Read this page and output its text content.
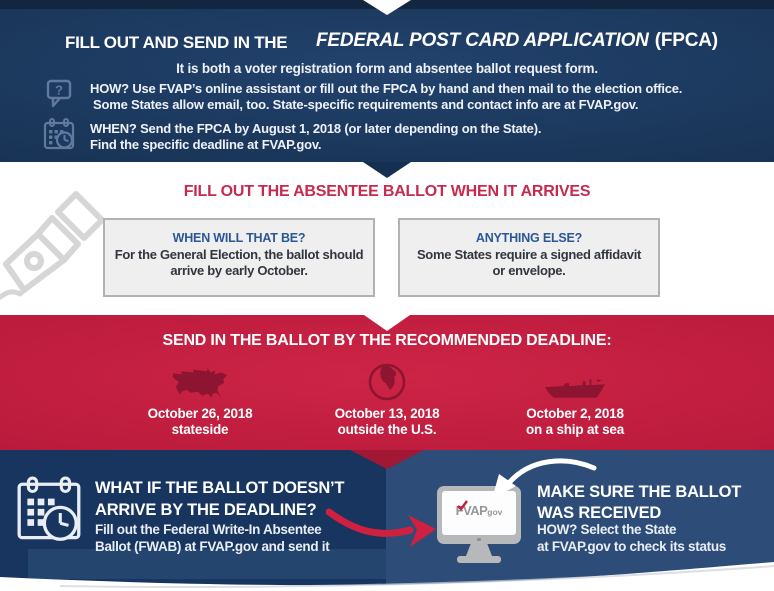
FILL OUT AND SEND IN THE FEDERAL POST CARD APPLICATION (FPCA)
It is both a voter registration form and absentee ballot request form.
? HOW? Use FVAP’s online assistant or fill out the FPCA by hand and then mail to the election office.
Some States allow email, too. State-specific requirements and contact info are at FVAP.gov.
WHEN? Send the FPCA by August 1, 2018 (or later depending on the State).
Find the specific deadline at FVAP.gov.
FILL OUT THE ABSENTEE BALLOT WHEN IT ARRIVES
WHEN WILL THAT BE?
For the General Election, the ballot should arrive by early October.
ANYTHING ELSE?
Some States require a signed affidavit or envelope.
SEND IN THE BALLOT BY THE RECOMMENDED DEADLINE:
October 26, 2018
stateside
October 13, 2018
outside the U.S.
October 2, 2018
on a ship at sea
WHAT IF THE BALLOT DOESN’T
ARRIVE BY THE DEADLINE?
Fill out the Federal Write-In Absentee
Ballot (FWAB) at FVAP.gov and send it
FVAPgov
MAKE SURE THE BALLOT
WAS RECEIVED
HOW? Select the State
at FVAP.gov to check its status
